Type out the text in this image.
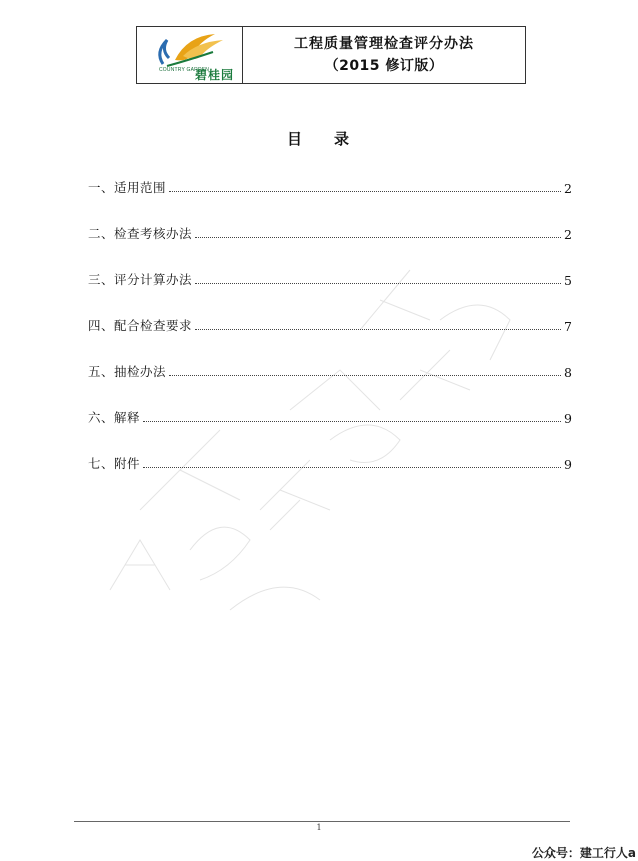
COUNTRY GARDEN
碧桂园
工程质量管理检查评分办法
（2015 修订版）
目 录
一、适用范围	2
二、检查考核办法	2
三、评分计算办法	5
四、配合检查要求	7
五、抽检办法	8
六、解释	9
七、附件	9
1
公众号：建工行人a
